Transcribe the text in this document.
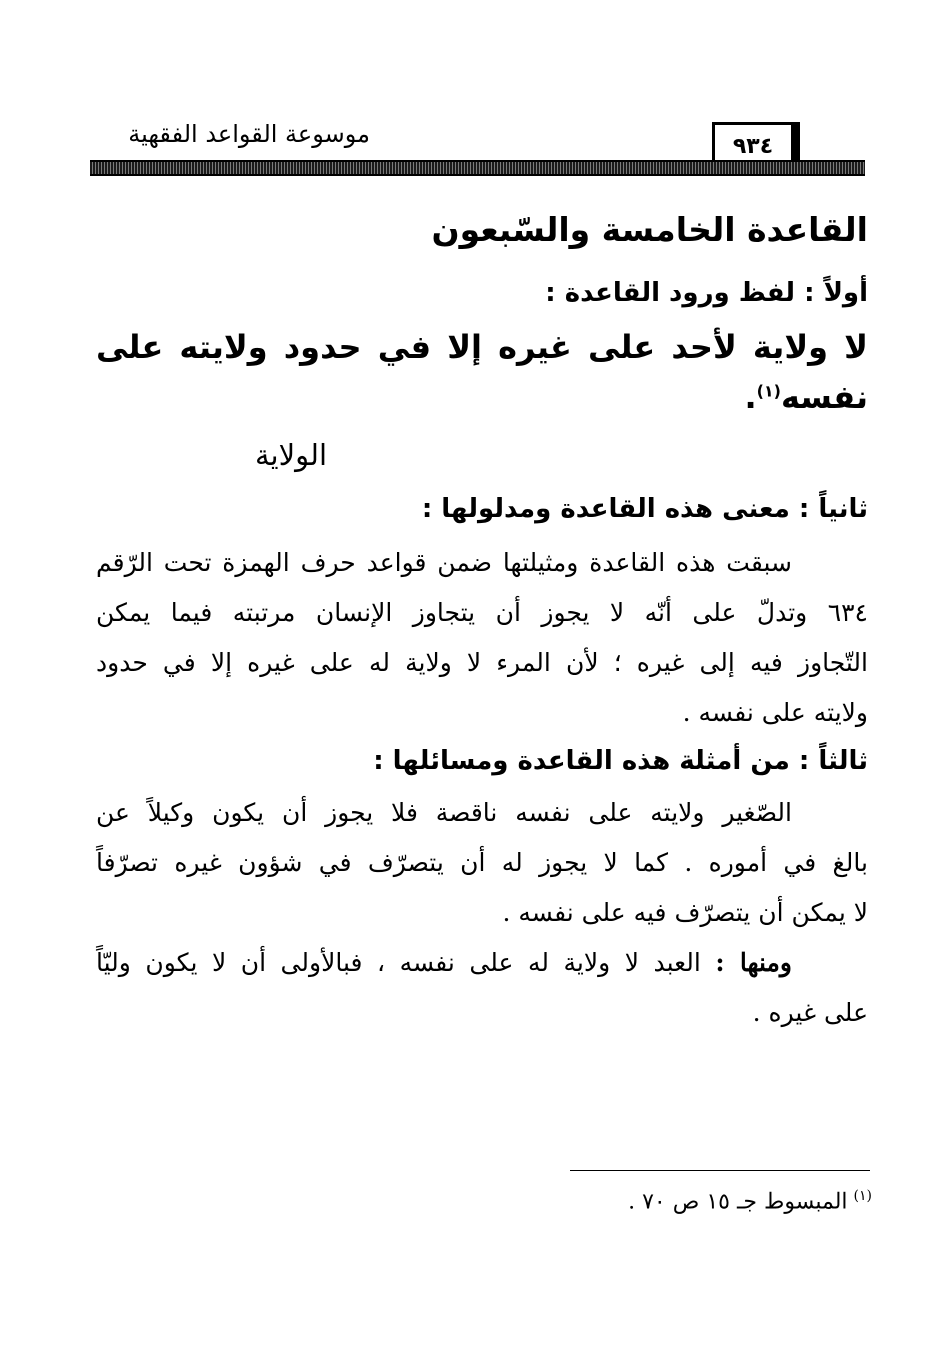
موسوعة القواعد الفقهية	٩٣٤
القاعدة الخامسة والسّبعون
أولاً : لفظ ورود القاعدة :
لا ولاية لأحد على غيره إلا في حدود ولايته على
نفسه$^{(١)}$.
الولاية
ثانياً : معنى هذه القاعدة ومدلولها :
سبقت هذه القاعدة ومثيلتها ضمن قواعد حرف الهمزة تحت الرّقم
٦٣٤ وتدلّ على أنّه لا يجوز أن يتجاوز الإنسان مرتبته فيما يمكن
التّجاوز فيه إلى غيره ؛ لأن المرء لا ولاية له على غيره إلا في حدود
ولايته على نفسه .
ثالثاً : من أمثلة هذه القاعدة ومسائلها :
الصّغير ولايته على نفسه ناقصة فلا يجوز أن يكون وكيلاً عن
بالغ في أموره . كما لا يجوز له أن يتصرّف في شؤون غيره تصرّفاً
لا يمكن أن يتصرّف فيه على نفسه .
ومنها : العبد لا ولاية له على نفسه ، فبالأولى أن لا يكون وليّاً
على غيره .
$^{(١)}$المبسوط جـ ١٥ ص ٧٠ .
